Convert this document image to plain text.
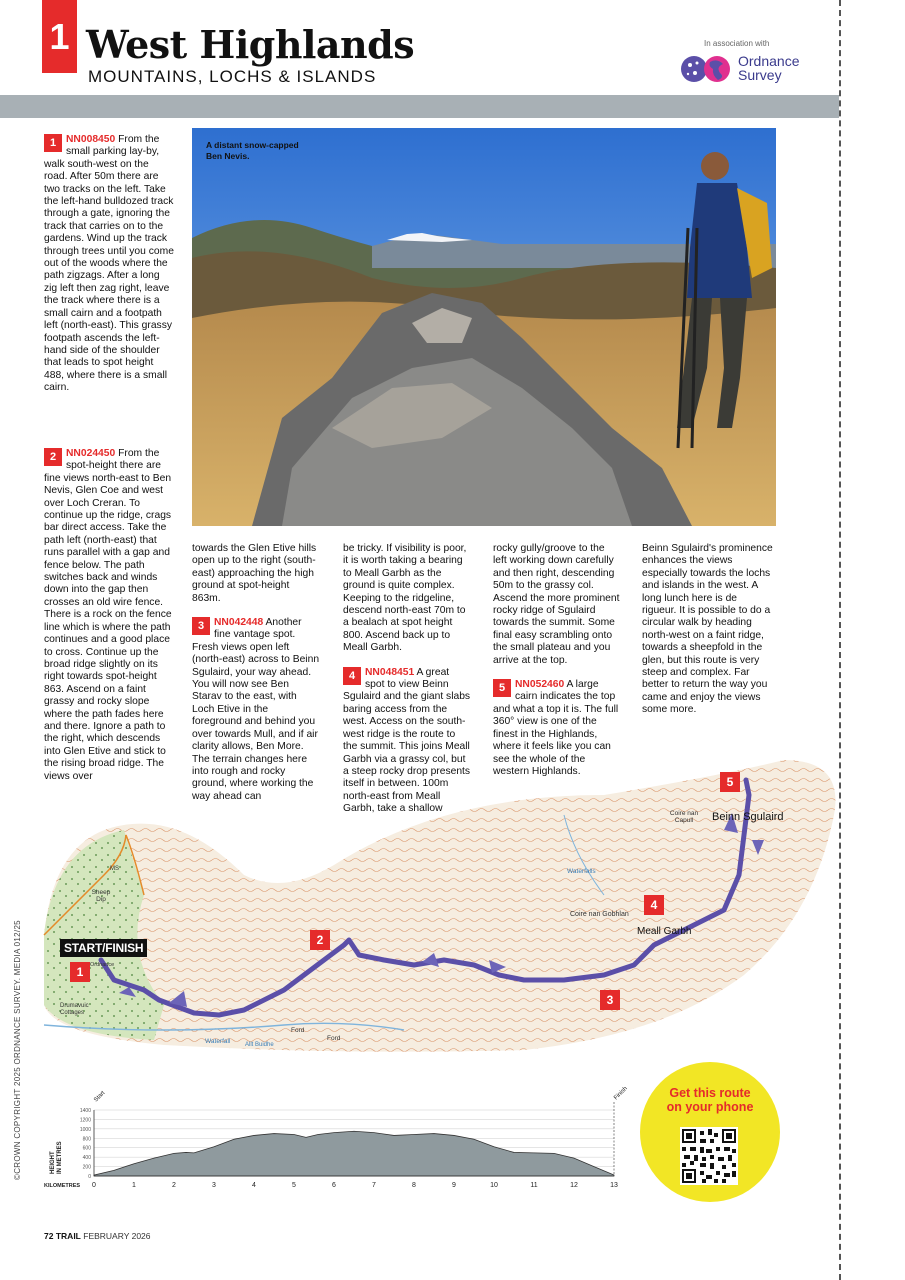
1 West Highlands
MOUNTAINS, LOCHS & ISLANDS
In association with
Ordnance
Survey
1 NN008450 From the small parking lay-by, walk south-west on the road. After 50m there are two tracks on the left. Take the left-hand bulldozed track through a gate, ignoring the track that carries on to the gardens. Wind up the track through trees until you come out of the woods where the path zigzags. After a long zig left then zag right, leave the track where there is a small cairn and a footpath left (north-east). This grassy footpath ascends the left-hand side of the shoulder that leads to spot height 488, where there is a small cairn.
2 NN024450 From the spot-height there are fine views north-east to Ben Nevis, Glen Coe and west over Loch Creran. To continue up the ridge, crags bar direct access. Take the path left (north-east) that runs parallel with a gap and fence below. The path switches back and winds down into the gap then crosses an old wire fence. There is a rock on the fence line which is where the path continues and a good place to cross. Continue up the broad ridge slightly on its right towards spot-height 863. Ascend on a faint grassy and rocky slope where the path fades here and there. Ignore a path to the right, which descends into Glen Etive and stick to the rising broad ridge. The views over
A distant snow-capped Ben Nevis.
towards the Glen Etive hills open up to the right (south-east) approaching the high ground at spot-height 863m.
3 NN042448 Another fine vantage spot. Fresh views open left (north-east) across to Beinn Sgulaird, your way ahead. You will now see Ben Starav to the east, with Loch Etive in the foreground and behind you over towards Mull, and if air clarity allows, Ben More. The terrain changes here into rough and rocky ground, where working the way ahead can
be tricky. If visibility is poor, it is worth taking a bearing to Meall Garbh as the ground is quite complex. Keeping to the ridgeline, descend north-east 70m to a bealach at spot height 800. Ascend back up to Meall Garbh.
4 NN048451 A great spot to view Beinn Sgulaird and the giant slabs baring access from the west. Access on the south-west ridge is the route to the summit. This joins Meall Garbh via a grassy col, but a steep rocky drop presents itself in between. 100m north-east from Meall Garbh, take a shallow
rocky gully/groove to the left working down carefully and then right, descending 50m to the grassy col. Ascend the more prominent rocky ridge of Sgulaird towards the summit. Some final easy scrambling onto the small plateau and you arrive at the top.
5 NN052460 A large cairn indicates the top and what a top it is. The full 360° view is one of the finest in the Highlands, where it feels like you can see the whole of the western Highlands.
Beinn Sgulaird's prominence enhances the views especially towards the lochs and islands in the west. A long lunch here is de rigueur. It is possible to do a circular walk by heading north-west on a faint ridge, towards a sheepfold in the glen, but this route is very steep and complex. Far better to return the way you came and enjoy the views some more.
START/FINISH
1
2
3
4
5
Beinn Sgulaird
Meall Garbh
Coire nan Gobhlan
Coire nan Capull
Waterfalls
Waterfall Allt Buidhe
Sheep Dip
Ford
Ford
Drumavuic Cottages
Ordnance
MS
0
200
400
600
800
1000
1200
1400
0	1	2	3	4	5	6	7	8	9	10	11	12	13
KILOMETRES
HEIGHT IN METRES
Start	Finish	Get this route
on your phone
©CROWN COPYRIGHT 2025 ORDNANCE SURVEY. MEDIA 012/25
72 TRAIL FEBRUARY 2026
